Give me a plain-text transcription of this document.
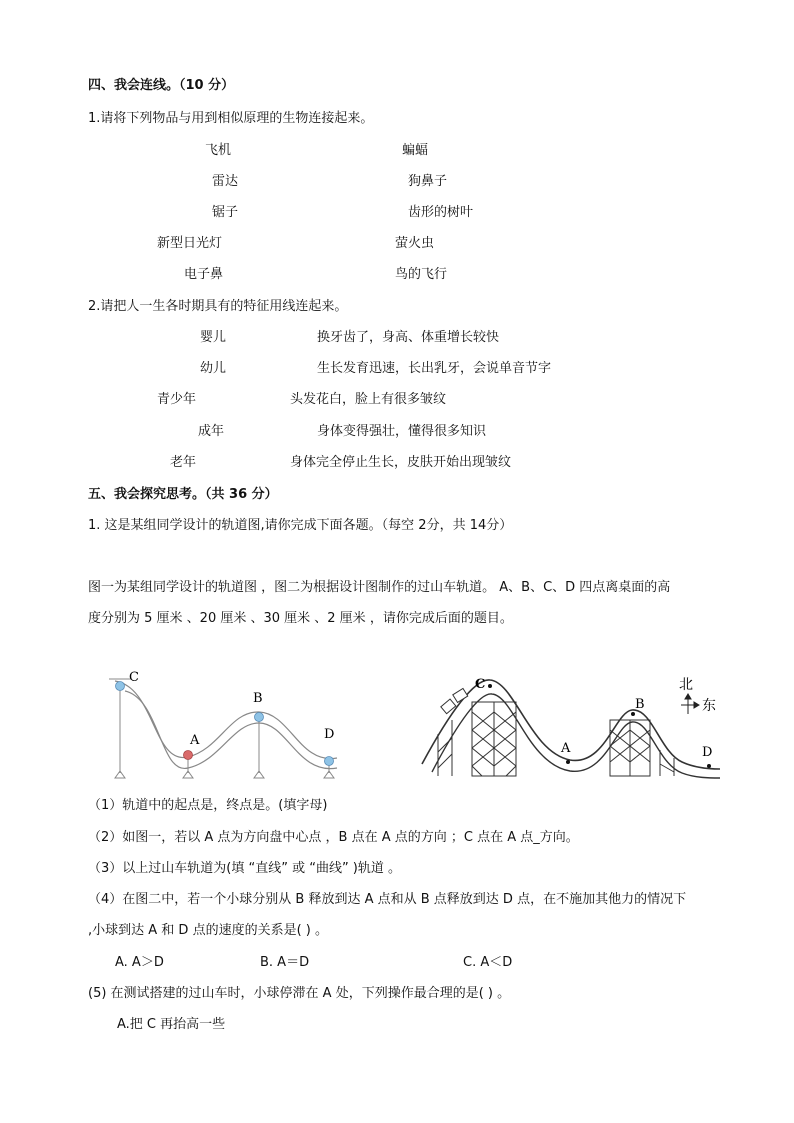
四、我会连线。（10 分）
1.请将下列物品与用到相似原理的生物连接起来。
飞机
雷达
锯子
新型日光灯
电子鼻
蝙蝠
狗鼻子
齿形的树叶
萤火虫
鸟的飞行
2.请把人一生各时期具有的特征用线连起来。
婴儿
幼儿
青少年
成年
老年
换牙齿了，身高、体重增长较快
生长发育迅速，长出乳牙，会说单音节字
头发花白，脸上有很多皱纹
身体变得强壮，懂得很多知识
身体完全停止生长，皮肤开始出现皱纹
五、我会探究思考。（共 36 分）
1. 这是某组同学设计的轨道图,请你完成下面各题。（每空 2分，共 14分）
图一为某组同学设计的轨道图 ，图二为根据设计图制作的过山车轨道。 A、B、C、D 四点离桌面的高
度分别为 5 厘米 、20 厘米 、30 厘米 、2 厘米 ，请你完成后面的题目。
C
A
B
D
C
A
B
D
北
东
（1）轨道中的起点是，终点是。(填字母)
（2）如图一，若以 A 点为方向盘中心点 ，B 点在 A 点的方向 ；C 点在 A 点_方向。
（3）以上过山车轨道为(填 “直线” 或 “曲线” )轨道 。
（4）在图二中，若一个小球分别从 B 释放到达 A 点和从 B 点释放到达 D 点，在不施加其他力的情况下
,小球到达 A 和 D 点的速度的关系是( ) 。
A. A＞D	B. A＝D	C. A＜D
(5) 在测试搭建的过山车时，小球停滞在 A 处，下列操作最合理的是( ) 。
A.把 C 再抬高一些
